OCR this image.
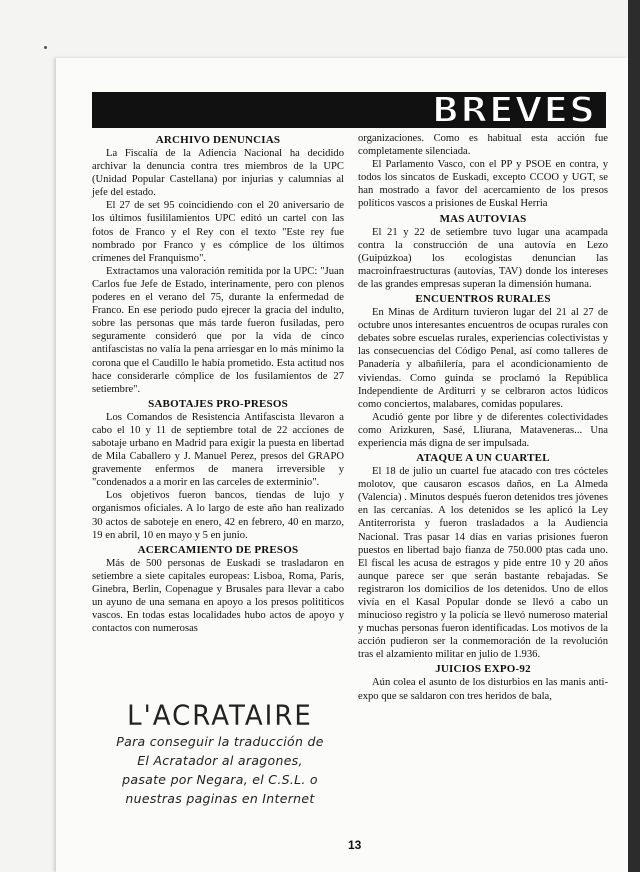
BREVES
ARCHIVO DENUNCIAS

La Fiscalía de la Adiencia Nacional ha decidido archivar la denuncia contra tres miembros de la UPC (Unidad Popular Castellana) por injurias y calumnias al jefe del estado.

El 27 de set 95 coincidiendo con el 20 aniversario de los últimos fusililamientos UPC editó un cartel con las fotos de Franco y el Rey con el texto "Este rey fue nombrado por Franco y es cómplice de los últimos crímenes del Franquismo".

Extractamos una valoración remitida por la UPC: "Juan Carlos fue Jefe de Estado, interinamente, pero con plenos poderes en el verano del 75, durante la enfermedad de Franco. En ese periodo pudo ejrecer la gracia del indulto, sobre las personas que más tarde fueron fusiladas, pero seguramente consideró que por la vida de cinco antifascistas no valía la pena arriesgar en lo más mínimo la corona que el Caudillo le había prometido. Esta actitud nos hace considerarle cómplice de los fusilamientos de 27 setiembre".

SABOTAJES PRO-PRESOS

Los Comandos de Resistencia Antifascista llevaron a cabo el 10 y 11 de septiembre total de 22 acciones de sabotaje urbano en Madrid para exigir la puesta en libertad de Mila Caballero y J. Manuel Perez, presos del GRAPO gravemente enfermos de manera irreversible y "condenados a a morir en las carceles de exterminio".

Los objetivos fueron bancos, tiendas de lujo y organismos oficiales. A lo largo de este año han realizado 30 actos de saboteje en enero, 42 en febrero, 40 en marzo, 19 en abril, 10 en mayo y 5 en junio.

ACERCAMIENTO DE PRESOS

Más de 500 personas de Euskadi se trasladaron en setiembre a siete capitales europeas: Lisboa, Roma, Paris, Ginebra, Berlin, Copenague y Brusales para llevar a cabo un ayuno de una semana en apoyo a los presos polititicos vascos. En todas estas localidades hubo actos de apoyo y contactos con numerosas

organizaciones. Como es habitual esta acción fue completamente silenciada.

El Parlamento Vasco, con el PP y PSOE en contra, y todos los sincatos de Euskadi, excepto CCOO y UGT, se han mostrado a favor del acercamiento de los presos políticos vascos a prisiones de Euskal Herria

MAS AUTOVIAS

El 21 y 22 de setiembre tuvo lugar una acampada contra la construcción de una autovía en Lezo (Guipúzkoa) los ecologistas denuncian las macroinfraestructuras (autovías, TAV) donde los intereses de las grandes empresas superan la dimensión humana.

ENCUENTROS RURALES

En Minas de Arditurn tuvieron lugar del 21 al 27 de octubre unos interesantes encuentros de ocupas rurales con debates sobre escuelas rurales, experiencias colectivistas y las consecuencias del Código Penal, así como talleres de Panadería y albañilería, para el acondicionamiento de viviendas. Como guinda se proclamó la República Independiente de Arditurri y se celbraron actos lúdicos como conciertos, malabares, comidas populares.

Acudió gente por libre y de diferentes colectividades como Arizkuren, Sasé, Lliurana, Mataveneras... Una experiencia más digna de ser impulsada.

ATAQUE A UN CUARTEL

El 18 de julio un cuartel fue atacado con tres cócteles molotov, que causaron escasos daños, en La Almeda (Valencia) . Minutos después fueron detenidos tres jóvenes en las cercanías. A los detenidos se les aplicó la Ley Antiterrorista y fueron trasladados a la Audiencia Nacional. Tras pasar 14 días en varias prisiones fueron puestos en libertad bajo fianza de 750.000 ptas cada uno. El fiscal les acusa de estragos y pide entre 10 y 20 años aunque parece ser que serán bastante rebajadas. Se registraron los domicilios de los detenidos. Uno de ellos vivía en el Kasal Popular donde se llevó a cabo un minucioso registro y la policía se llevó numeroso material y muchas personas fueron identificadas. Los motivos de la acción pudieron ser la conmemoración de la revolución tras el alzamiento militar en julio de 1.936.

JUICIOS EXPO-92

Aún colea el asunto de los disturbios en las manis anti-expo que se saldaron con tres heridos de bala,

L'ACRATAIRE
Para conseguir la traducción de
El Acratador al aragones,
pasate por Negara, el C.S.L. o
nuestras paginas en Internet
13
